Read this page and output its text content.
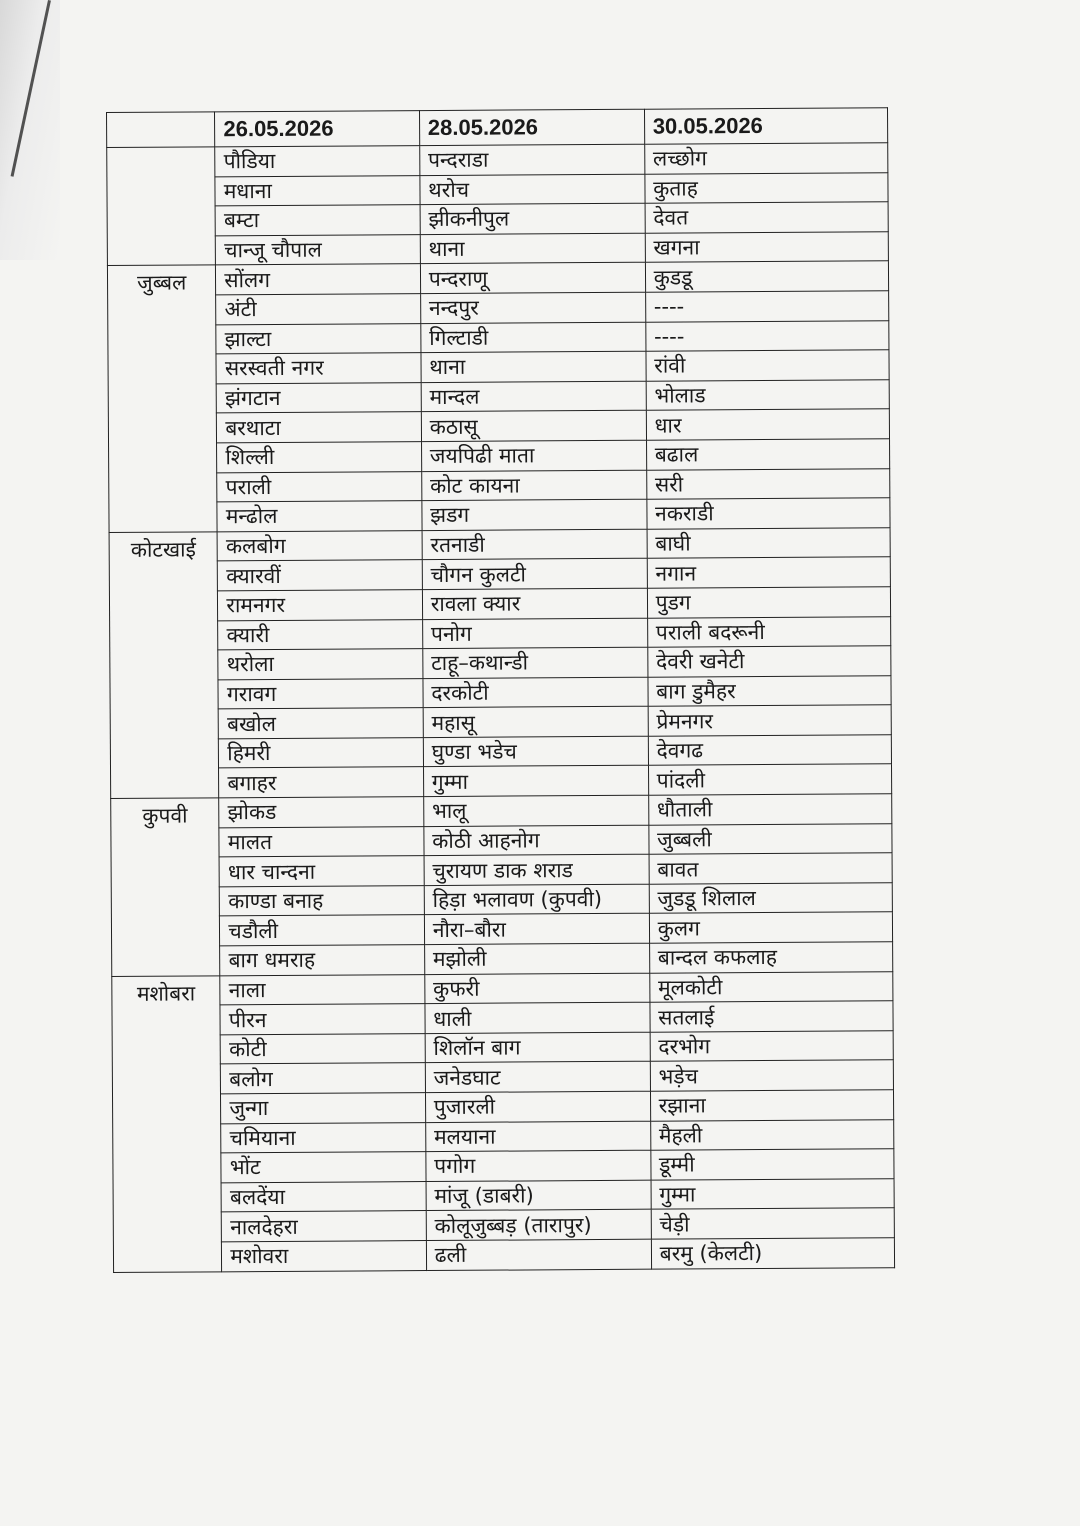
	26.05.2026	28.05.2026	30.05.2026
	पौडिया	पन्दराडा	लच्छोग
	मधाना	थरोच	कुताह
	बम्टा	झीकनीपुल	देवत
	चान्जू चौपाल	थाना	खगना
जुब्बल	सोंलग	पन्दराणू	कुडडू
	अंटी	नन्दपुर	----
	झाल्टा	गिल्टाडी	----
	सरस्वती नगर	थाना	रांवी
	झंगटान	मान्दल	भोलाड
	बरथाटा	कठासू	धार
	शिल्ली	जयपिढी माता	बढाल
	पराली	कोट कायना	सरी
	मन्ढोल	झडग	नकराडी
कोटखाई	कलबोग	रतनाडी	बाघी
	क्यारवीं	चौगन कुलटी	नगान
	रामनगर	रावला क्यार	पुडग
	क्यारी	पनोग	पराली बदरूनी
	थरोला	टाहू–कथान्डी	देवरी खनेटी
	गरावग	दरकोटी	बाग डुमैहर
	बखोल	महासू	प्रेमनगर
	हिमरी	घुण्डा भडेच	देवगढ
	बगाहर	गुम्मा	पांदली
कुपवी	झोकड	भालू	धौताली
	मालत	कोठी आहनोग	जुब्बली
	धार चान्दना	चुरायण डाक शराड	बावत
	काण्डा बनाह	हिड़ा भलावण (कुपवी)	जुडडू शिलाल
	चडौली	नौरा–बौरा	कुलग
	बाग धमराह	मझोली	बान्दल कफलाह
मशोबरा	नाला	कुफरी	मूलकोटी
	पीरन	धाली	सतलाई
	कोटी	शिलॉन बाग	दरभोग
	बलोग	जनेडघाट	भड़ेच
	जुन्गा	पुजारली	रझाना
	चमियाना	मलयाना	मैहली
	भोंट	पगोग	डूम्मी
	बलदेंया	मांजू (डाबरी)	गुम्मा
	नालदेहरा	कोलूजुब्बड़ (तारापुर)	चेड़ी
	मशोवरा	ढली	बरमु (केलटी)
